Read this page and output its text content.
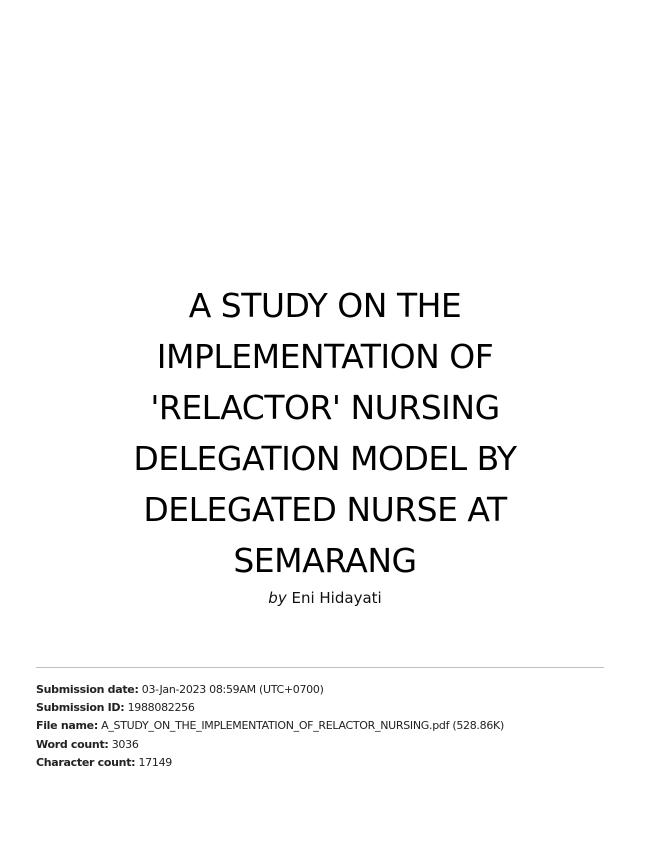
A STUDY ON THE IMPLEMENTATION OF 'RELACTOR' NURSING DELEGATION MODEL BY DELEGATED NURSE AT SEMARANG
by Eni Hidayati
Submission date: 03-Jan-2023 08:59AM (UTC+0700)
Submission ID: 1988082256
File name: A_STUDY_ON_THE_IMPLEMENTATION_OF_RELACTOR_NURSING.pdf (528.86K)
Word count: 3036
Character count: 17149
